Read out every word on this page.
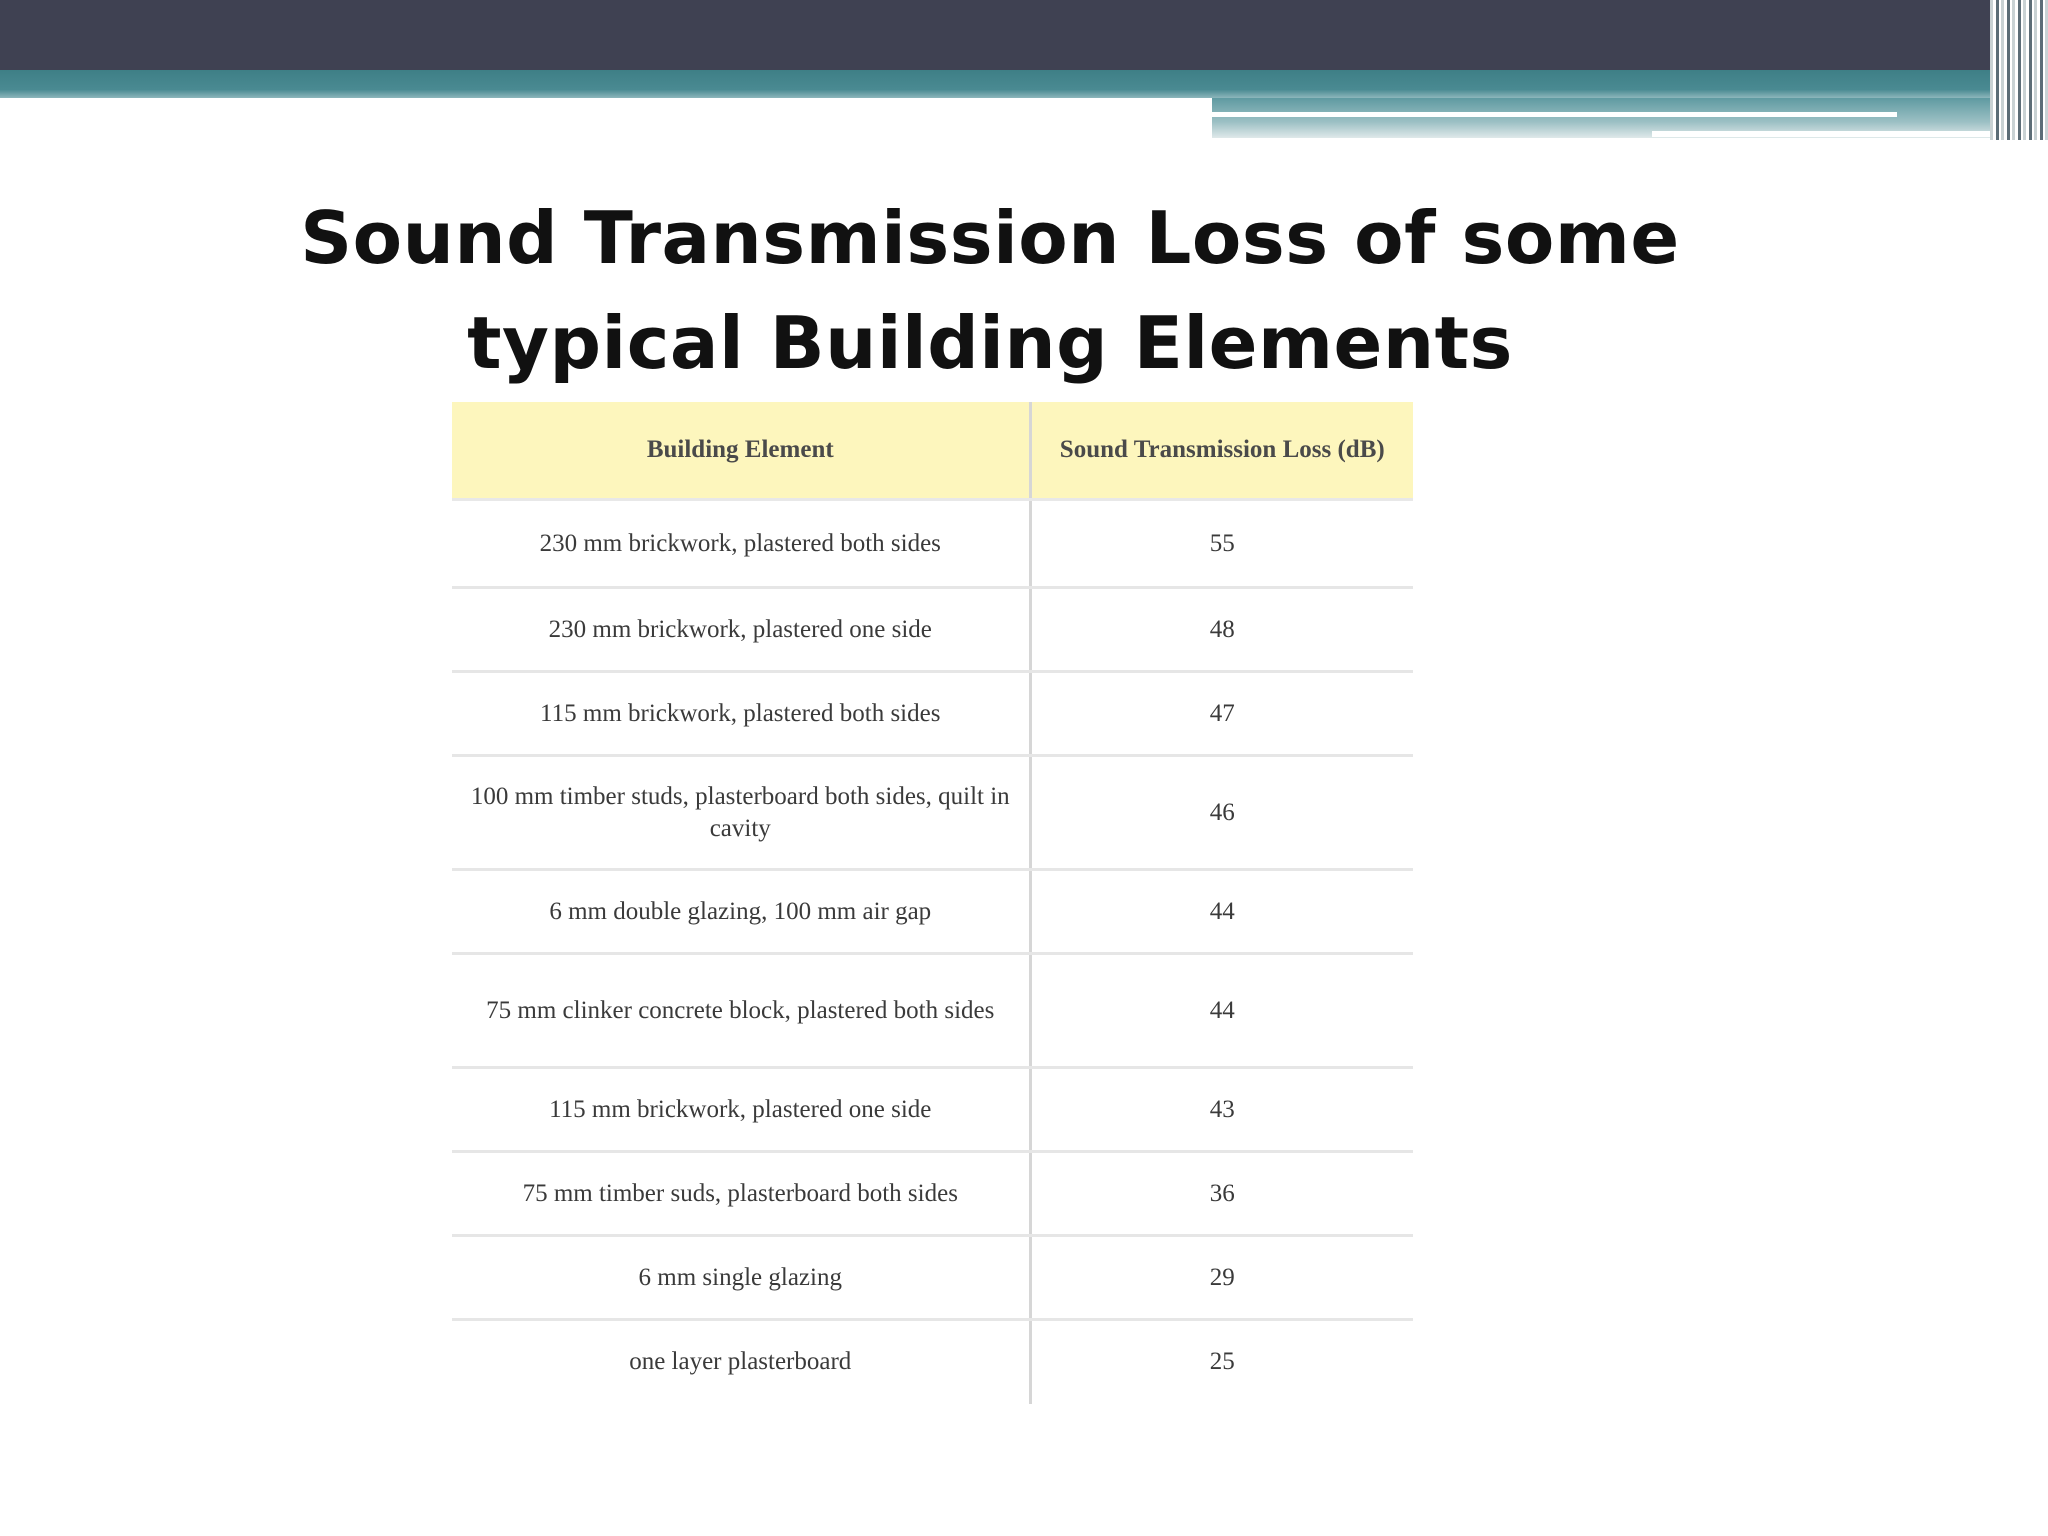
Sound Transmission Loss of some typical Building Elements
Building Element	Sound Transmission Loss (dB)
230 mm brickwork, plastered both sides	55
230 mm brickwork, plastered one side	48
115 mm brickwork, plastered both sides	47
100 mm timber studs, plasterboard both sides, quilt in cavity	46
6 mm double glazing, 100 mm air gap	44
75 mm clinker concrete block, plastered both sides	44
115 mm brickwork, plastered one side	43
75 mm timber suds, plasterboard both sides	36
6 mm single glazing	29
one layer plasterboard	25
